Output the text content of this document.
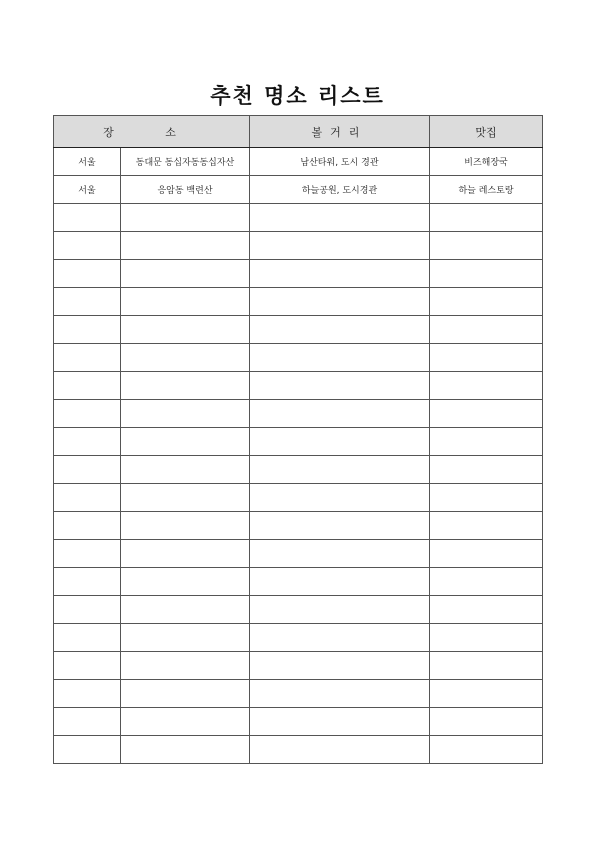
추천 명소 리스트
장 소		볼거리	맛집
서울	동대문 동십자동동십자산	남산타워, 도시 경관	비즈해장국
서울	응암동 백련산	하늘공원, 도시경관	하늘 레스토랑
